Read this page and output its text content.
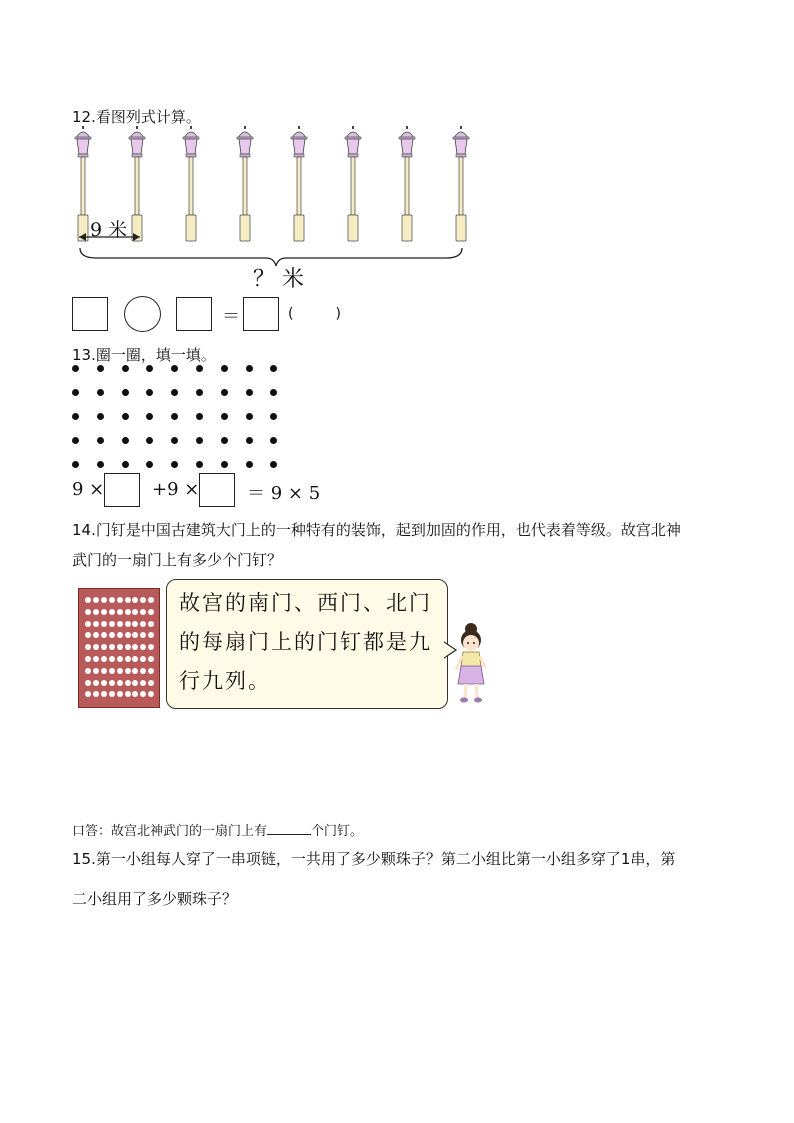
12.看图列式计算。
9 米
？ 米
＝	(　　　)
13.圈一圈，填一填。
9 ×	+9 ×	＝ 9 × 5
14.门钉是中国古建筑大门上的一种特有的装饰，起到加固的作用，也代表着等级。故宫北神
武门的一扇门上有多少个门钉？
故宫的南门、西门、北门
的每扇门上的门钉都是九
行九列。
口答：故宫北神武门的一扇门上有	个门钉。
15.第一小组每人穿了一串项链，一共用了多少颗珠子？第二小组比第一小组多穿了1串，第
二小组用了多少颗珠子？
